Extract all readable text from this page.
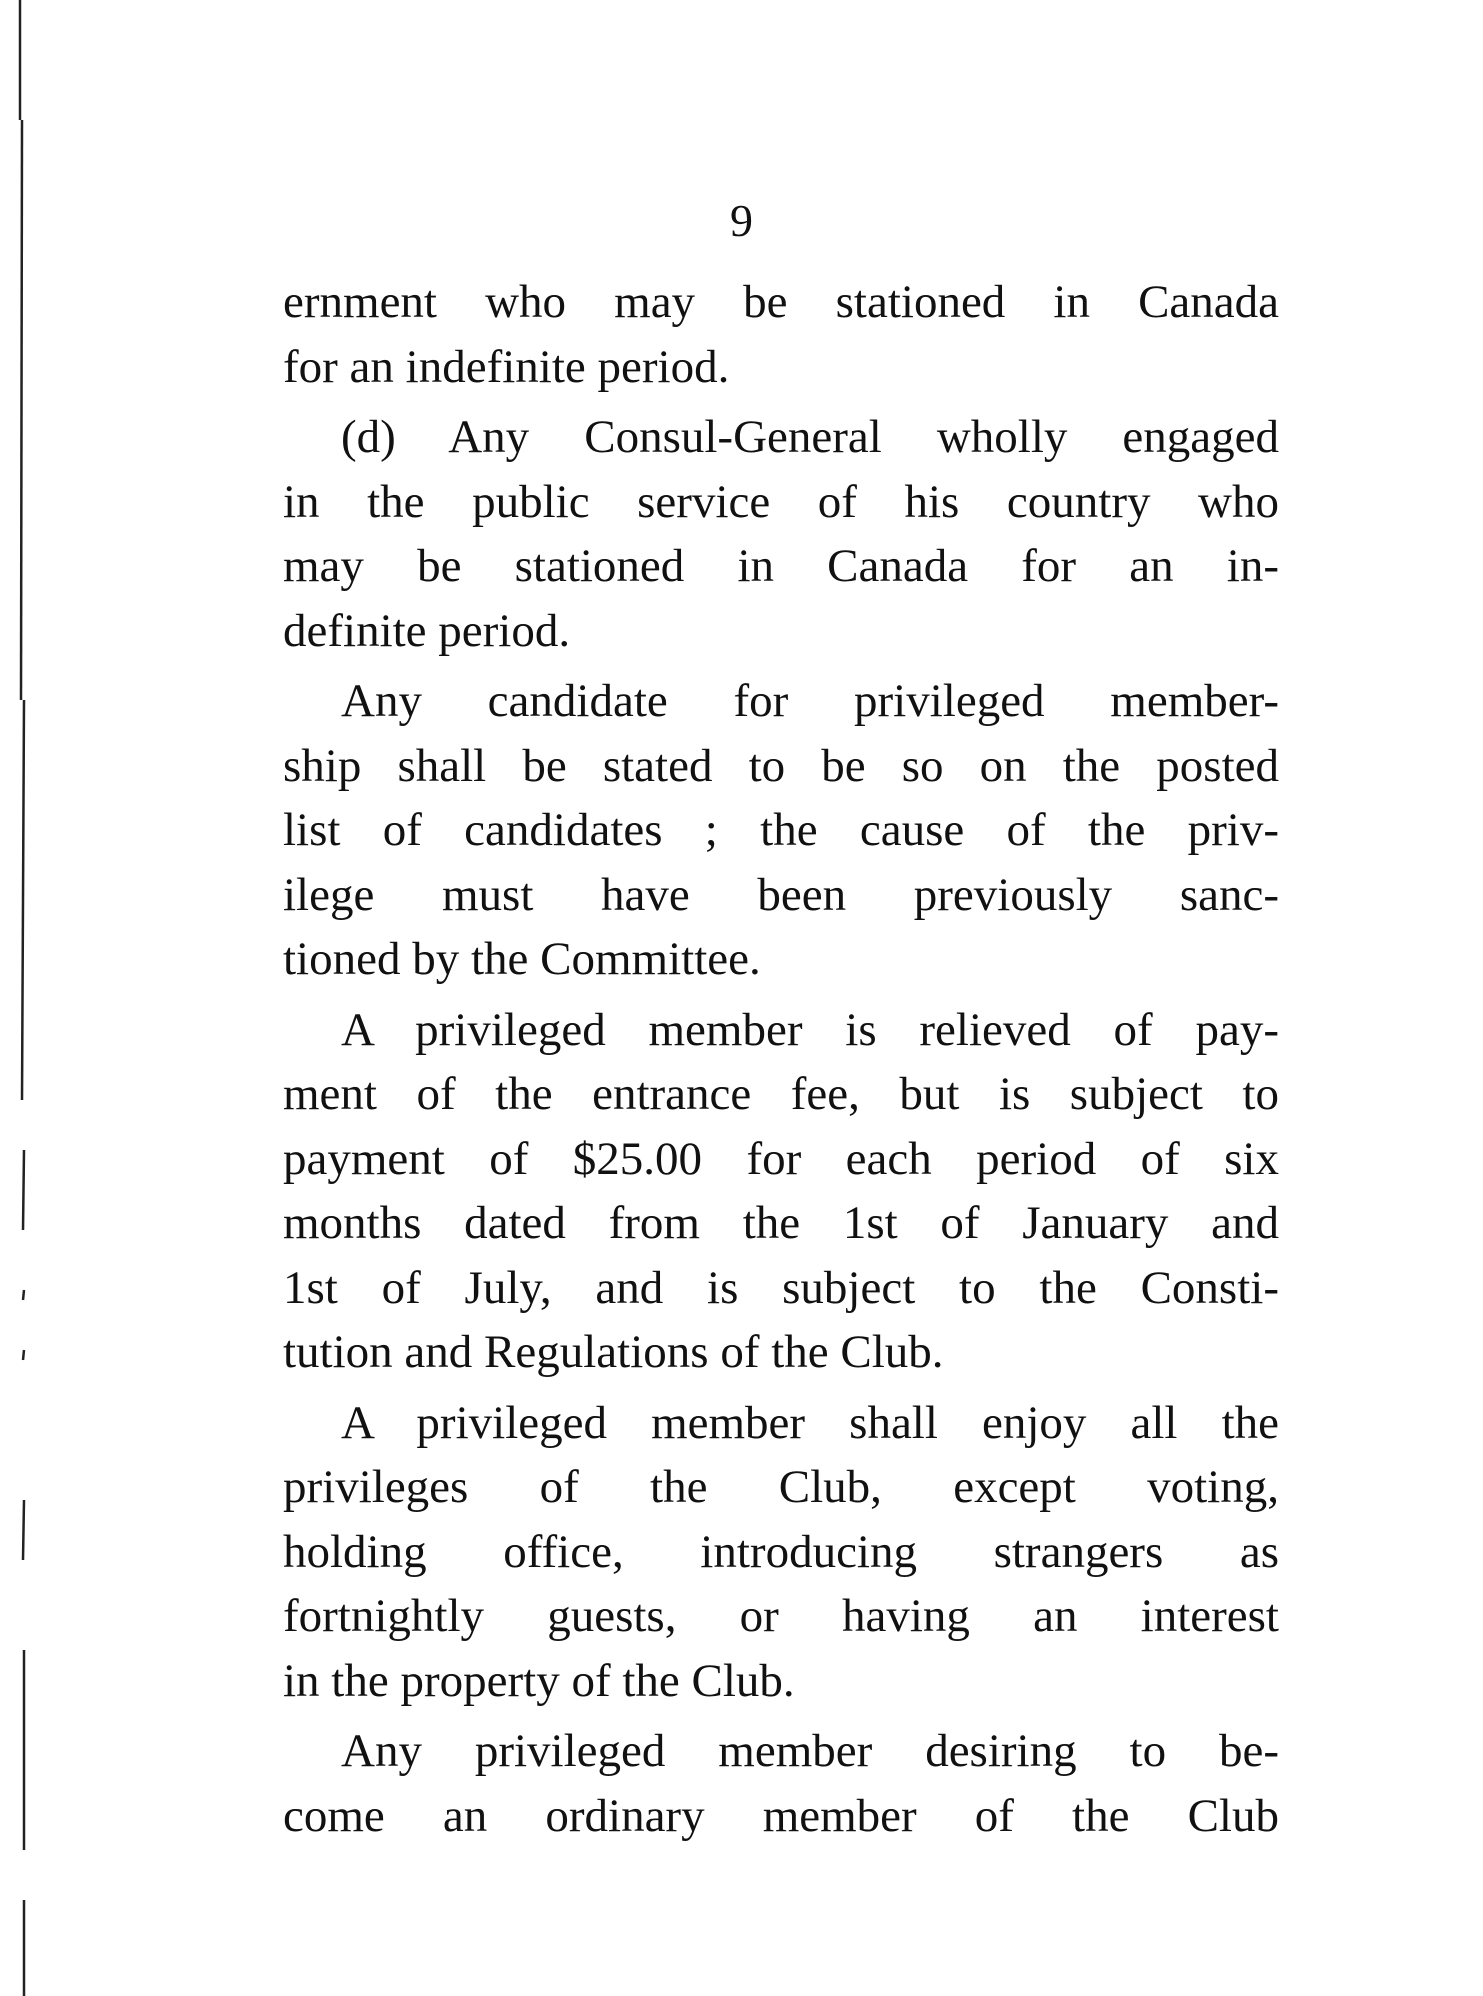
9
ernment who may be stationed in Canada
for an indefinite period.
(d) Any Consul-General wholly engaged
in the public service of his country who
may be stationed in Canada for an in-
definite period.
Any candidate for privileged member-
ship shall be stated to be so on the posted
list of candidates ; the cause of the priv-
ilege must have been previously sanc-
tioned by the Committee.
A privileged member is relieved of pay-
ment of the entrance fee, but is subject to
payment of $25.00 for each period of six
months dated from the 1st of January and
1st of July, and is subject to the Consti-
tution and Regulations of the Club.
A privileged member shall enjoy all the
privileges of the Club, except voting,
holding office, introducing strangers as
fortnightly guests, or having an interest
in the property of the Club.
Any privileged member desiring to be-
come an ordinary member of the Club
